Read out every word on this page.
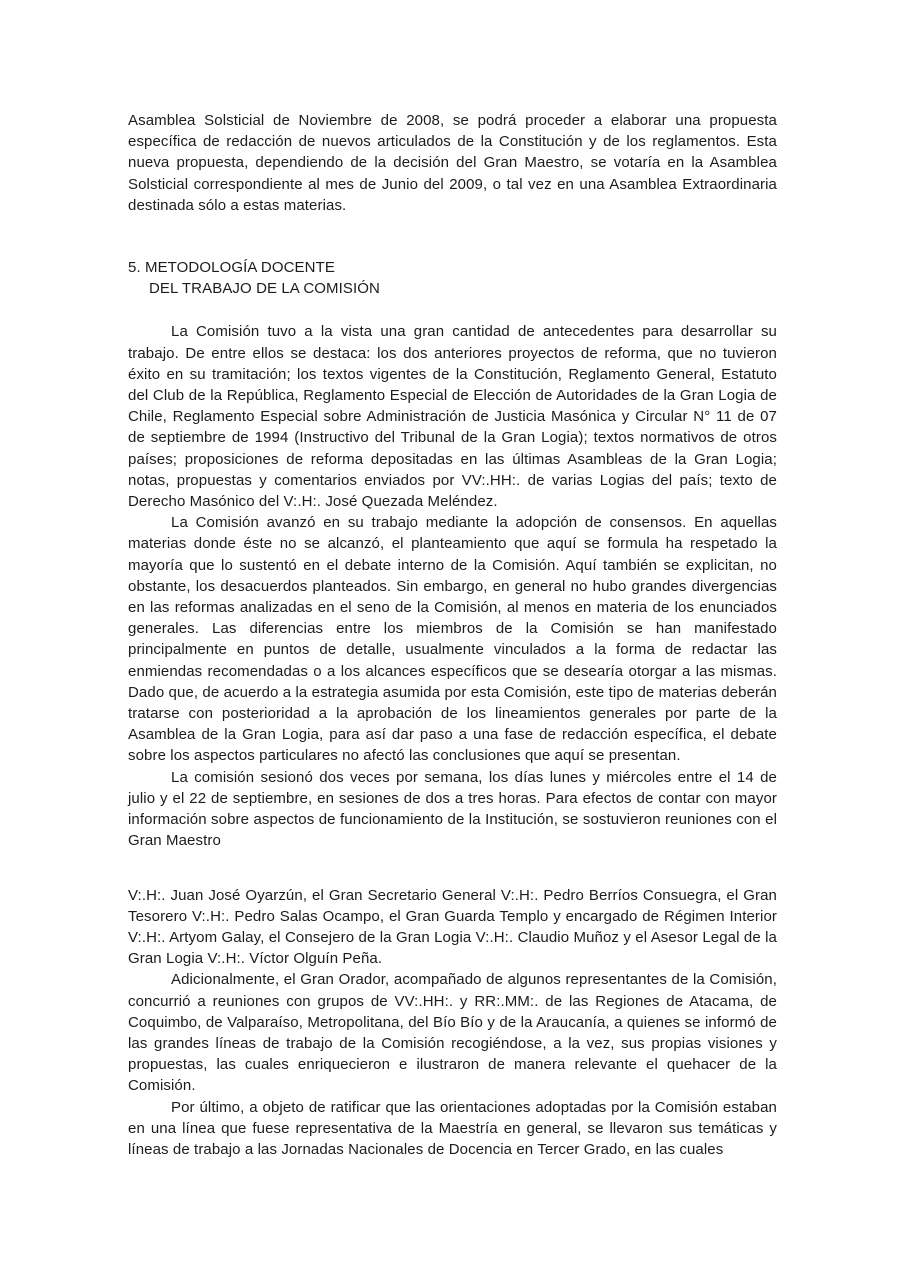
Asamblea Solsticial de Noviembre de 2008, se podrá proceder a elaborar una propuesta específica de redacción de nuevos articulados de la Constitución y de los reglamentos. Esta nueva propuesta, dependiendo de la decisión del Gran Maestro, se votaría en la Asamblea Solsticial correspondiente al mes de Junio del 2009, o tal vez en una Asamblea Extraordinaria destinada sólo a estas materias.

5. METODOLOGÍA DOCENTE
DEL TRABAJO DE LA COMISIÓN

La Comisión tuvo a la vista una gran cantidad de antecedentes para desarrollar su trabajo. De entre ellos se destaca: los dos anteriores proyectos de reforma, que no tuvieron éxito en su tramitación; los textos vigentes de la Constitución, Reglamento General, Estatuto del Club de la República, Reglamento Especial de Elección de Autoridades de la Gran Logia de Chile, Reglamento Especial sobre Administración de Justicia Masónica y Circular N° 11 de 07 de septiembre de 1994 (Instructivo del Tribunal de la Gran Logia); textos normativos de otros países; proposiciones de reforma depositadas en las últimas Asambleas de la Gran Logia; notas, propuestas y comentarios enviados por VV:.HH:. de varias Logias del país; texto de Derecho Masónico del V:.H:. José Quezada Meléndez.

La Comisión avanzó en su trabajo mediante la adopción de consensos. En aquellas materias donde éste no se alcanzó, el planteamiento que aquí se formula ha respetado la mayoría que lo sustentó en el debate interno de la Comisión. Aquí también se explicitan, no obstante, los desacuerdos planteados. Sin embargo, en general no hubo grandes divergencias en las reformas analizadas en el seno de la Comisión, al menos en materia de los enunciados generales. Las diferencias entre los miembros de la Comisión se han manifestado principalmente en puntos de detalle, usualmente vinculados a la forma de redactar las enmiendas recomendadas o a los alcances específicos que se desearía otorgar a las mismas. Dado que, de acuerdo a la estrategia asumida por esta Comisión, este tipo de materias deberán tratarse con posterioridad a la aprobación de los lineamientos generales por parte de la Asamblea de la Gran Logia, para así dar paso a una fase de redacción específica, el debate sobre los aspectos particulares no afectó las conclusiones que aquí se presentan.

La comisión sesionó dos veces por semana, los días lunes y miércoles entre el 14 de julio y el 22 de septiembre, en sesiones de dos a tres horas. Para efectos de contar con mayor información sobre aspectos de funcionamiento de la Institución, se sostuvieron reuniones con el Gran Maestro

V:.H:. Juan José Oyarzún, el Gran Secretario General V:.H:. Pedro Berríos Consuegra, el Gran Tesorero V:.H:. Pedro Salas Ocampo, el Gran Guarda Templo y encargado de Régimen Interior V:.H:. Artyom Galay, el Consejero de la Gran Logia V:.H:. Claudio Muñoz y el Asesor Legal de la Gran Logia V:.H:. Víctor Olguín Peña.

Adicionalmente, el Gran Orador, acompañado de algunos representantes de la Comisión, concurrió a reuniones con grupos de VV:.HH:. y RR:.MM:. de las Regiones de Atacama, de Coquimbo, de Valparaíso, Metropolitana, del Bío Bío y de la Araucanía, a quienes se informó de las grandes líneas de trabajo de la Comisión recogiéndose, a la vez, sus propias visiones y propuestas, las cuales enriquecieron e ilustraron de manera relevante el quehacer de la Comisión.

Por último, a objeto de ratificar que las orientaciones adoptadas por la Comisión estaban en una línea que fuese representativa de la Maestría en general, se llevaron sus temáticas y líneas de trabajo a las Jornadas Nacionales de Docencia en Tercer Grado, en las cuales
